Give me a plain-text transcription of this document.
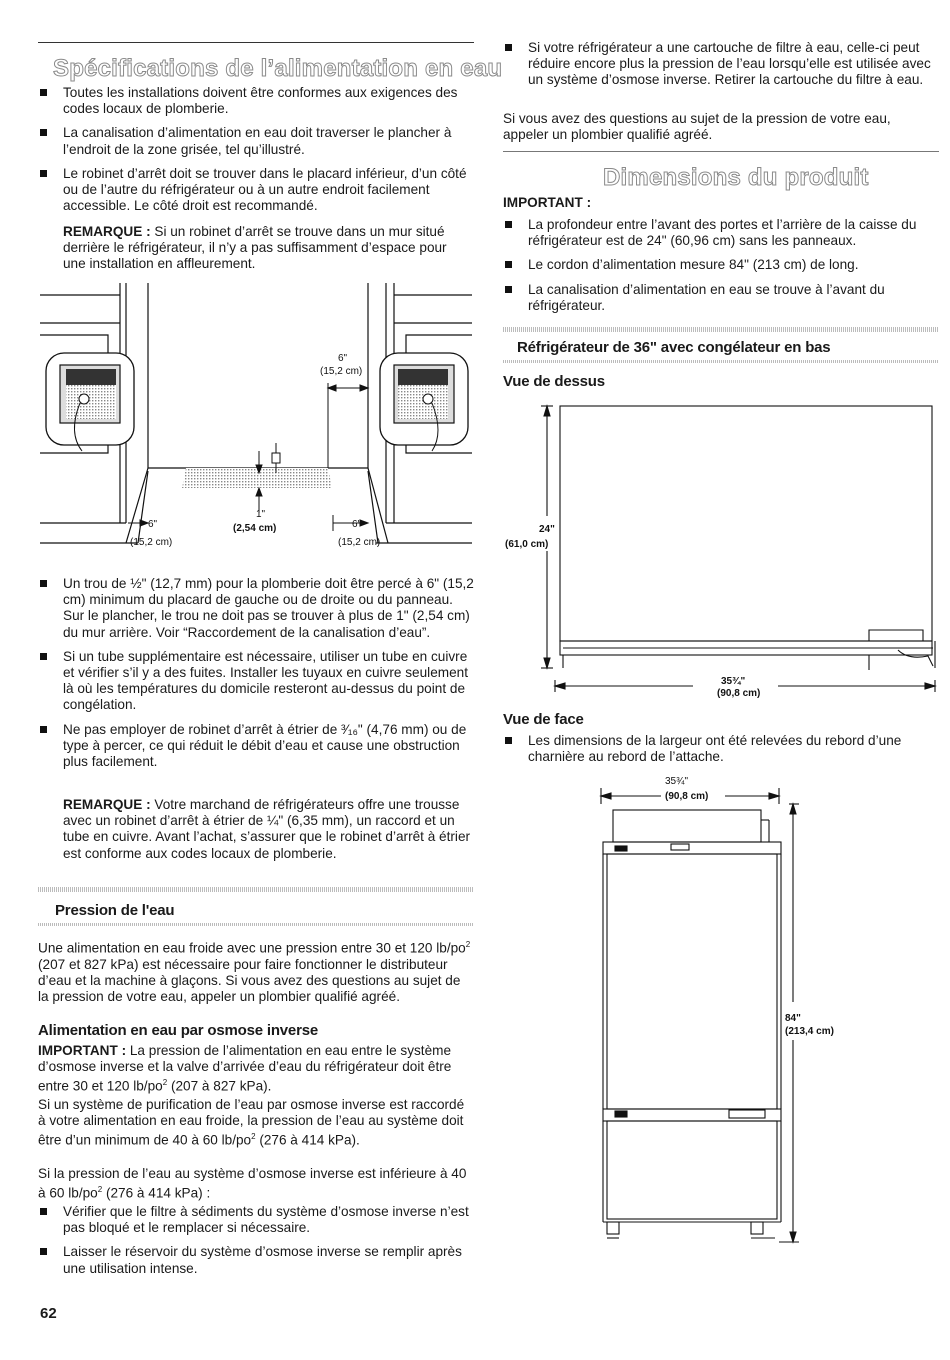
Spécifications de l’alimentation en eau
Toutes les installations doivent être conformes aux exigences des codes locaux de plomberie.
La canalisation d’alimentation en eau doit traverser le plancher à l’endroit de la zone grisée, tel qu’illustré.
Le robinet d’arrêt doit se trouver dans le placard inférieur, d’un côté ou de l’autre du réfrigérateur ou à un autre endroit facilement accessible. Le côté droit est recommandé.
REMARQUE : Si un robinet d’arrêt se trouve dans un mur situé derrière le réfrigérateur, il n’y a pas suffisamment d’espace pour une installation en affleurement.
6"
(15,2 cm)
1"
(2,54 cm)
6"
(15,2 cm)
6"
(15,2 cm)
Un trou de ½" (12,7 mm) pour la plomberie doit être percé à 6" (15,2 cm) minimum du placard de gauche ou de droite ou du panneau. Sur le plancher, le trou ne doit pas se trouver à plus de 1" (2,54 cm) du mur arrière. Voir “Raccordement de la canalisation d’eau”.
Si un tube supplémentaire est nécessaire, utiliser un tube en cuivre et vérifier s’il y a des fuites. Installer les tuyaux en cuivre seulement là où les températures du domicile resteront au-dessus du point de congélation.
Ne pas employer de robinet d’arrêt à étrier de ³⁄₁₆" (4,76 mm) ou de type à percer, ce qui réduit le débit d’eau et cause une obstruction plus facilement.
REMARQUE : Votre marchand de réfrigérateurs offre une trousse avec un robinet d’arrêt à étrier de ¼" (6,35 mm), un raccord et un tube en cuivre. Avant l’achat, s’assurer que le robinet d’arrêt à étrier est conforme aux codes locaux de plomberie.
Pression de l'eau
Une alimentation en eau froide avec une pression entre 30 et 120 $lb/po^2$ (207 et 827 kPa) est nécessaire pour faire fonctionner le distributeur d’eau et la machine à glaçons. Si vous avez des questions au sujet de la pression de votre eau, appeler un plombier qualifié agréé.
Alimentation en eau par osmose inverse
IMPORTANT : La pression de l’alimentation en eau entre le système d’osmose inverse et la valve d’arrivée d’eau du réfrigérateur doit être entre 30 et 120 $lb/po^2$ (207 à 827 kPa).
Si un système de purification de l’eau par osmose inverse est raccordé à votre alimentation en eau froide, la pression de l’eau au système doit être d’un minimum de 40 à 60 $lb/po^2$ (276 à 414 kPa).
Si la pression de l’eau au système d’osmose inverse est inférieure à 40 à 60 $lb/po^2$ (276 à 414 kPa) :
Vérifier que le filtre à sédiments du système d’osmose inverse n’est pas bloqué et le remplacer si nécessaire.
Laisser le réservoir du système d’osmose inverse se remplir après une utilisation intense.
62
Si votre réfrigérateur a une cartouche de filtre à eau, celle-ci peut réduire encore plus la pression de l’eau lorsqu’elle est utilisée avec un système d’osmose inverse. Retirer la cartouche du filtre à eau.
Si vous avez des questions au sujet de la pression de votre eau, appeler un plombier qualifié agréé.
Dimensions du produit
IMPORTANT :
La profondeur entre l’avant des portes et l’arrière de la caisse du réfrigérateur est de 24" (60,96 cm) sans les panneaux.
Le cordon d’alimentation mesure 84" (213 cm) de long.
La canalisation d’alimentation en eau se trouve à l’avant du réfrigérateur.
Réfrigérateur de 36" avec congélateur en bas
Vue de dessus
24"
(61,0 cm)
35¾"
(90,8 cm)
Vue de face
Les dimensions de la largeur ont été relevées du rebord d’une charnière au rebord de l’attache.
35¾"
(90,8 cm)
84"
(213,4 cm)
